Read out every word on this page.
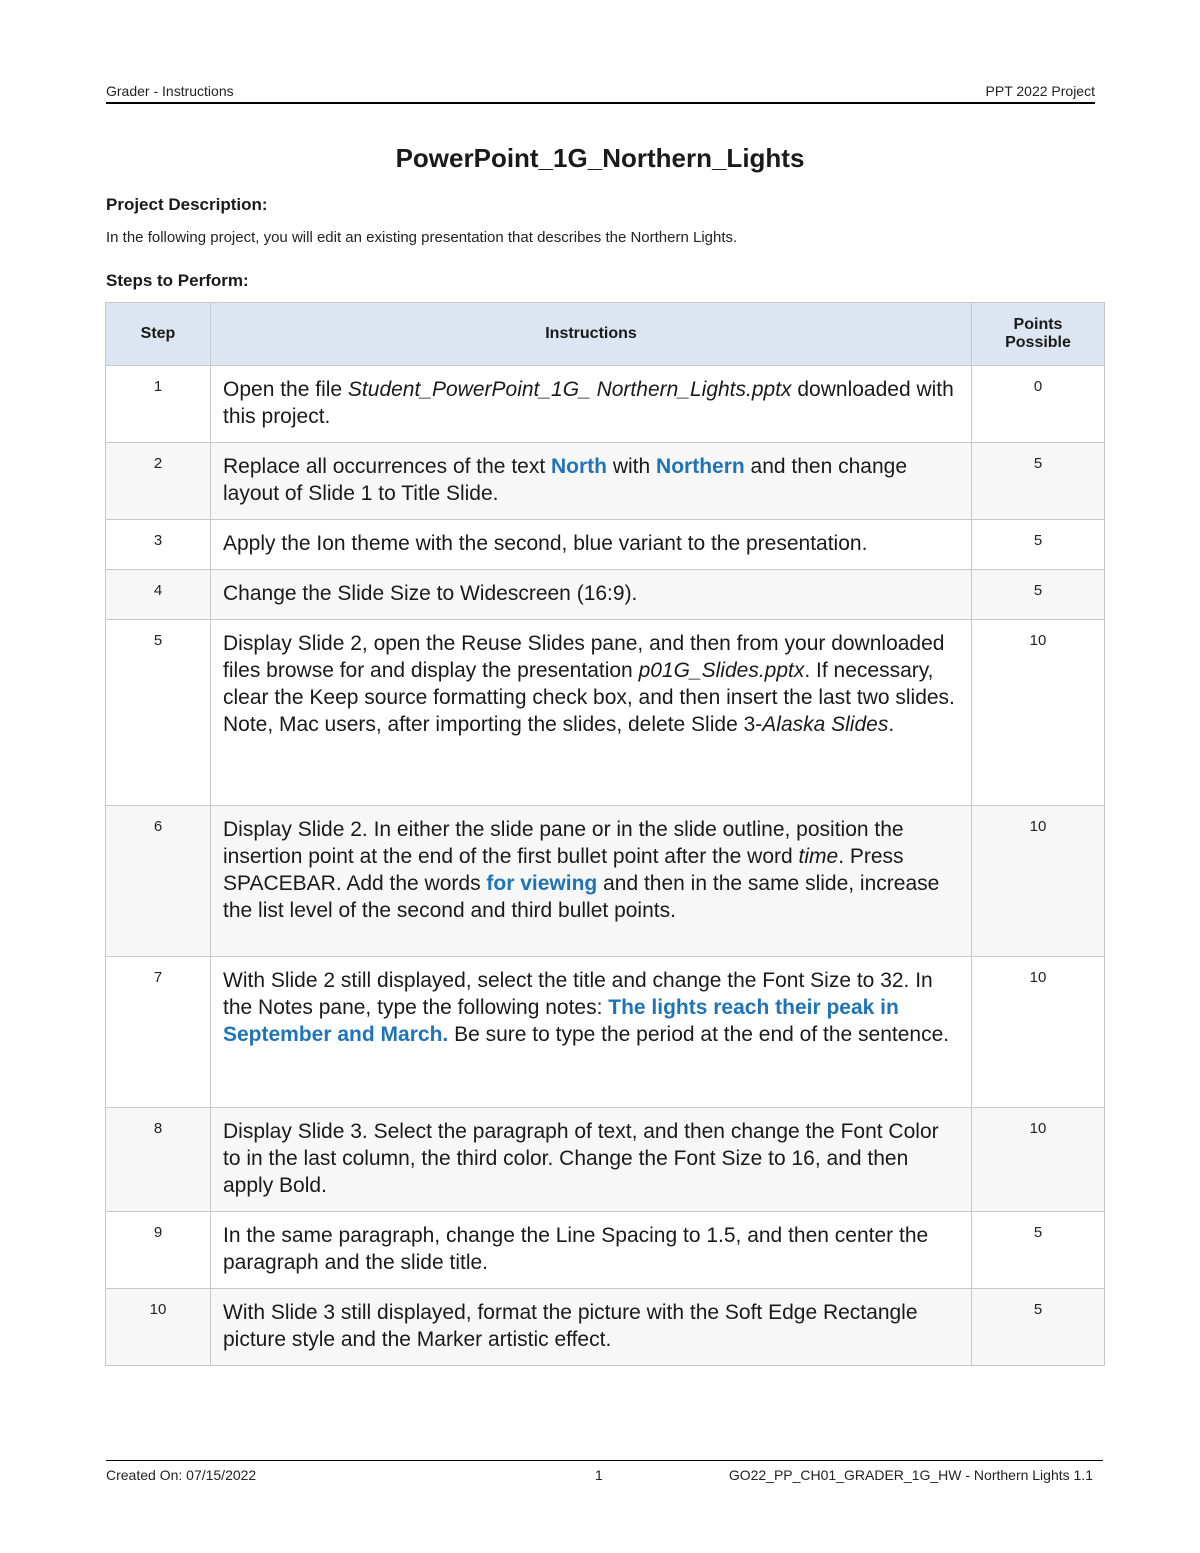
Grader - Instructions	PPT 2022 Project
PowerPoint_1G_Northern_Lights
Project Description:
In the following project, you will edit an existing presentation that describes the Northern Lights.
Steps to Perform:
Step	Instructions	Points
Possible
1	Open the file Student_PowerPoint_1G_ Northern_Lights.pptx downloaded with this project.	0
2	Replace all occurrences of the text North with Northern and then change layout of Slide 1 to Title Slide.	5
3	Apply the Ion theme with the second, blue variant to the presentation.	5
4	Change the Slide Size to Widescreen (16:9).	5
5	Display Slide 2, open the Reuse Slides pane, and then from your downloaded files browse for and display the presentation p01G_Slides.pptx. If necessary, clear the Keep source formatting check box, and then insert the last two slides.
Note, Mac users, after importing the slides, delete Slide 3-Alaska Slides.	10
6	Display Slide 2. In either the slide pane or in the slide outline, position the insertion point at the end of the first bullet point after the word time. Press SPACEBAR. Add the words for viewing and then in the same slide, increase the list level of the second and third bullet points.	10
7	With Slide 2 still displayed, select the title and change the Font Size to 32. In the Notes pane, type the following notes: The lights reach their peak in September and March. Be sure to type the period at the end of the sentence.	10
8	Display Slide 3. Select the paragraph of text, and then change the Font Color to in the last column, the third color. Change the Font Size to 16, and then apply Bold.	10
9	In the same paragraph, change the Line Spacing to 1.5, and then center the paragraph and the slide title.	5
10	With Slide 3 still displayed, format the picture with the Soft Edge Rectangle picture style and the Marker artistic effect.	5
Created On: 07/15/2022	1	GO22_PP_CH01_GRADER_1G_HW - Northern Lights 1.1
